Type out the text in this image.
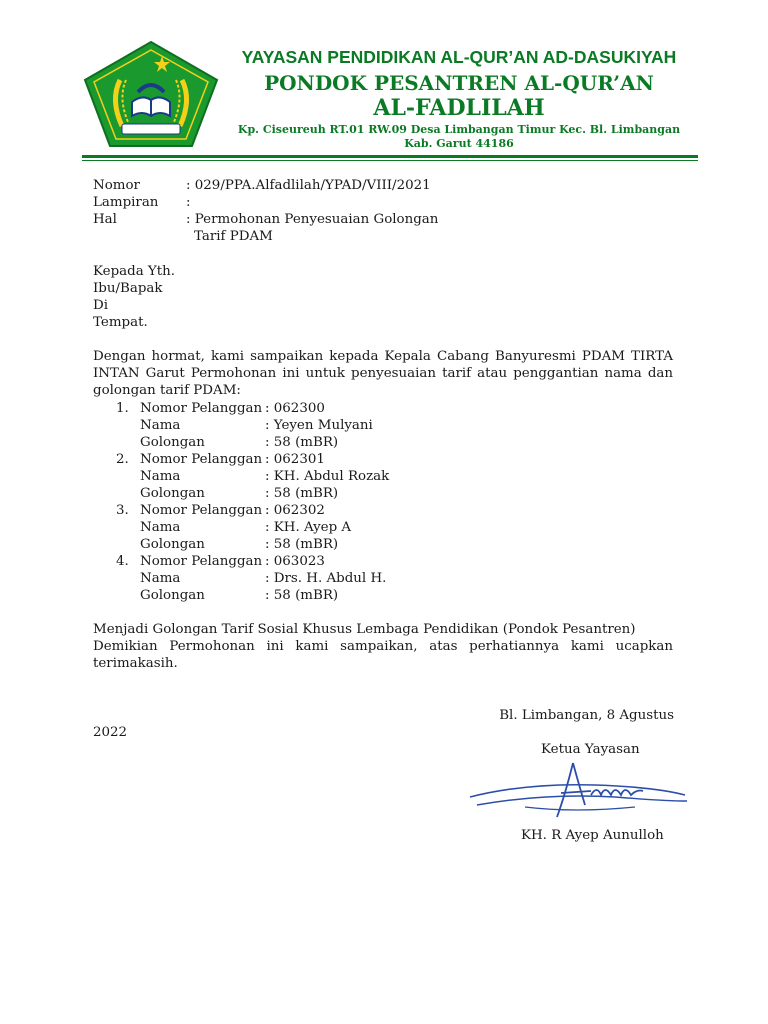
YAYASAN PENDIDIKAN AL-QUR’AN AD-DASUKIYAH
PONDOK PESANTREN AL-QUR’AN
AL-FADLILAH
Kp. Ciseureuh RT.01 RW.09 Desa Limbangan Timur Kec. Bl. Limbangan
Kab. Garut 44186
Nomor	: 029/PPA.Alfadlilah/YPAD/VIII/2021
Lampiran :
Hal	: Permohonan Penyesuaian Golongan
Tarif PDAM
Kepada Yth.
Ibu/Bapak
Di
Tempat.
Dengan hormat, kami sampaikan kepada Kepala Cabang Banyuresmi PDAM TIRTA INTAN Garut Permohonan ini untuk penyesuaian tarif atau penggantian nama dan golongan tarif PDAM:
1. Nomor Pelanggan : 062300
Nama	: Yeyen Mulyani
Golongan	: 58 (mBR)
2. Nomor Pelanggan : 062301
Nama	: KH. Abdul Rozak
Golongan	: 58 (mBR)
3. Nomor Pelanggan : 062302
Nama	: KH. Ayep A
Golongan	: 58 (mBR)
4. Nomor Pelanggan : 063023
Nama	: Drs. H. Abdul H.
Golongan	: 58 (mBR)
Menjadi Golongan Tarif Sosial Khusus Lembaga Pendidikan (Pondok Pesantren)
Demikian Permohonan ini kami sampaikan, atas perhatiannya kami ucapkan terimakasih.
Bl. Limbangan, 8 Agustus
2022
Ketua Yayasan
KH. R Ayep Aunulloh
